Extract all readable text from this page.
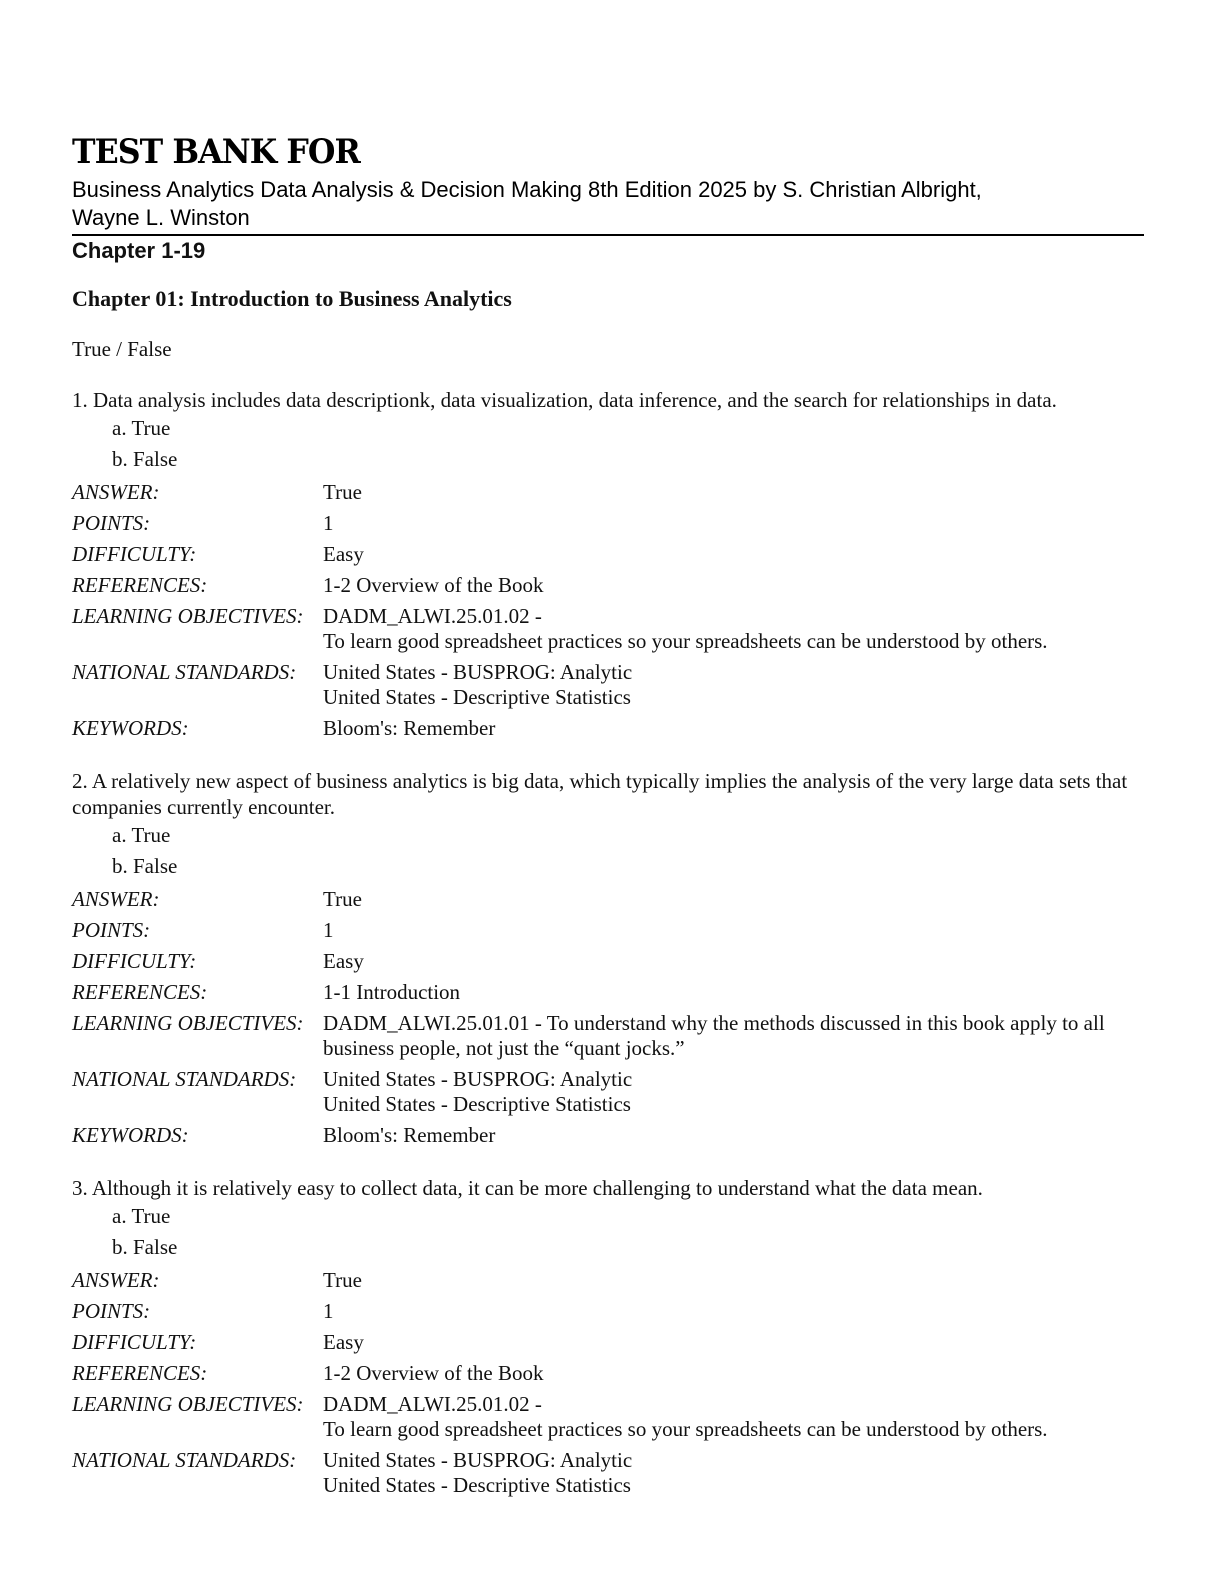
TEST BANK FOR

Business Analytics Data Analysis & Decision Making 8th Edition 2025 by S. Christian Albright,

Wayne L. Winston

Chapter 1-19

Chapter 01: Introduction to Business Analytics

True / False

1. Data analysis includes data descriptionk, data visualization, data inference, and the search for relationships in data.

a. True

b. False

ANSWER:	True
POINTS:	1
DIFFICULTY:	Easy
REFERENCES:	1-2 Overview of the Book
LEARNING OBJECTIVES: DADM_ALWI.25.01.02 -
To learn good spreadsheet practices so your spreadsheets can be understood by others.
NATIONAL STANDARDS:	United States - BUSPROG: Analytic
United States - Descriptive Statistics
KEYWORDS:	Bloom's: Remember

2. A relatively new aspect of business analytics is big data, which typically implies the analysis of the very large data sets that companies currently encounter.

a. True

b. False

ANSWER:	True
POINTS:	1
DIFFICULTY:	Easy
REFERENCES:	1-1 Introduction
LEARNING OBJECTIVES: DADM_ALWI.25.01.01 - To understand why the methods discussed in this book apply to all business people, not just the “quant jocks.”
NATIONAL STANDARDS:	United States - BUSPROG: Analytic
United States - Descriptive Statistics
KEYWORDS:	Bloom's: Remember

3. Although it is relatively easy to collect data, it can be more challenging to understand what the data mean.

a. True

b. False

ANSWER:	True
POINTS:	1
DIFFICULTY:	Easy
REFERENCES:	1-2 Overview of the Book
LEARNING OBJECTIVES: DADM_ALWI.25.01.02 -
To learn good spreadsheet practices so your spreadsheets can be understood by others.
NATIONAL STANDARDS:	United States - BUSPROG: Analytic
United States - Descriptive Statistics
